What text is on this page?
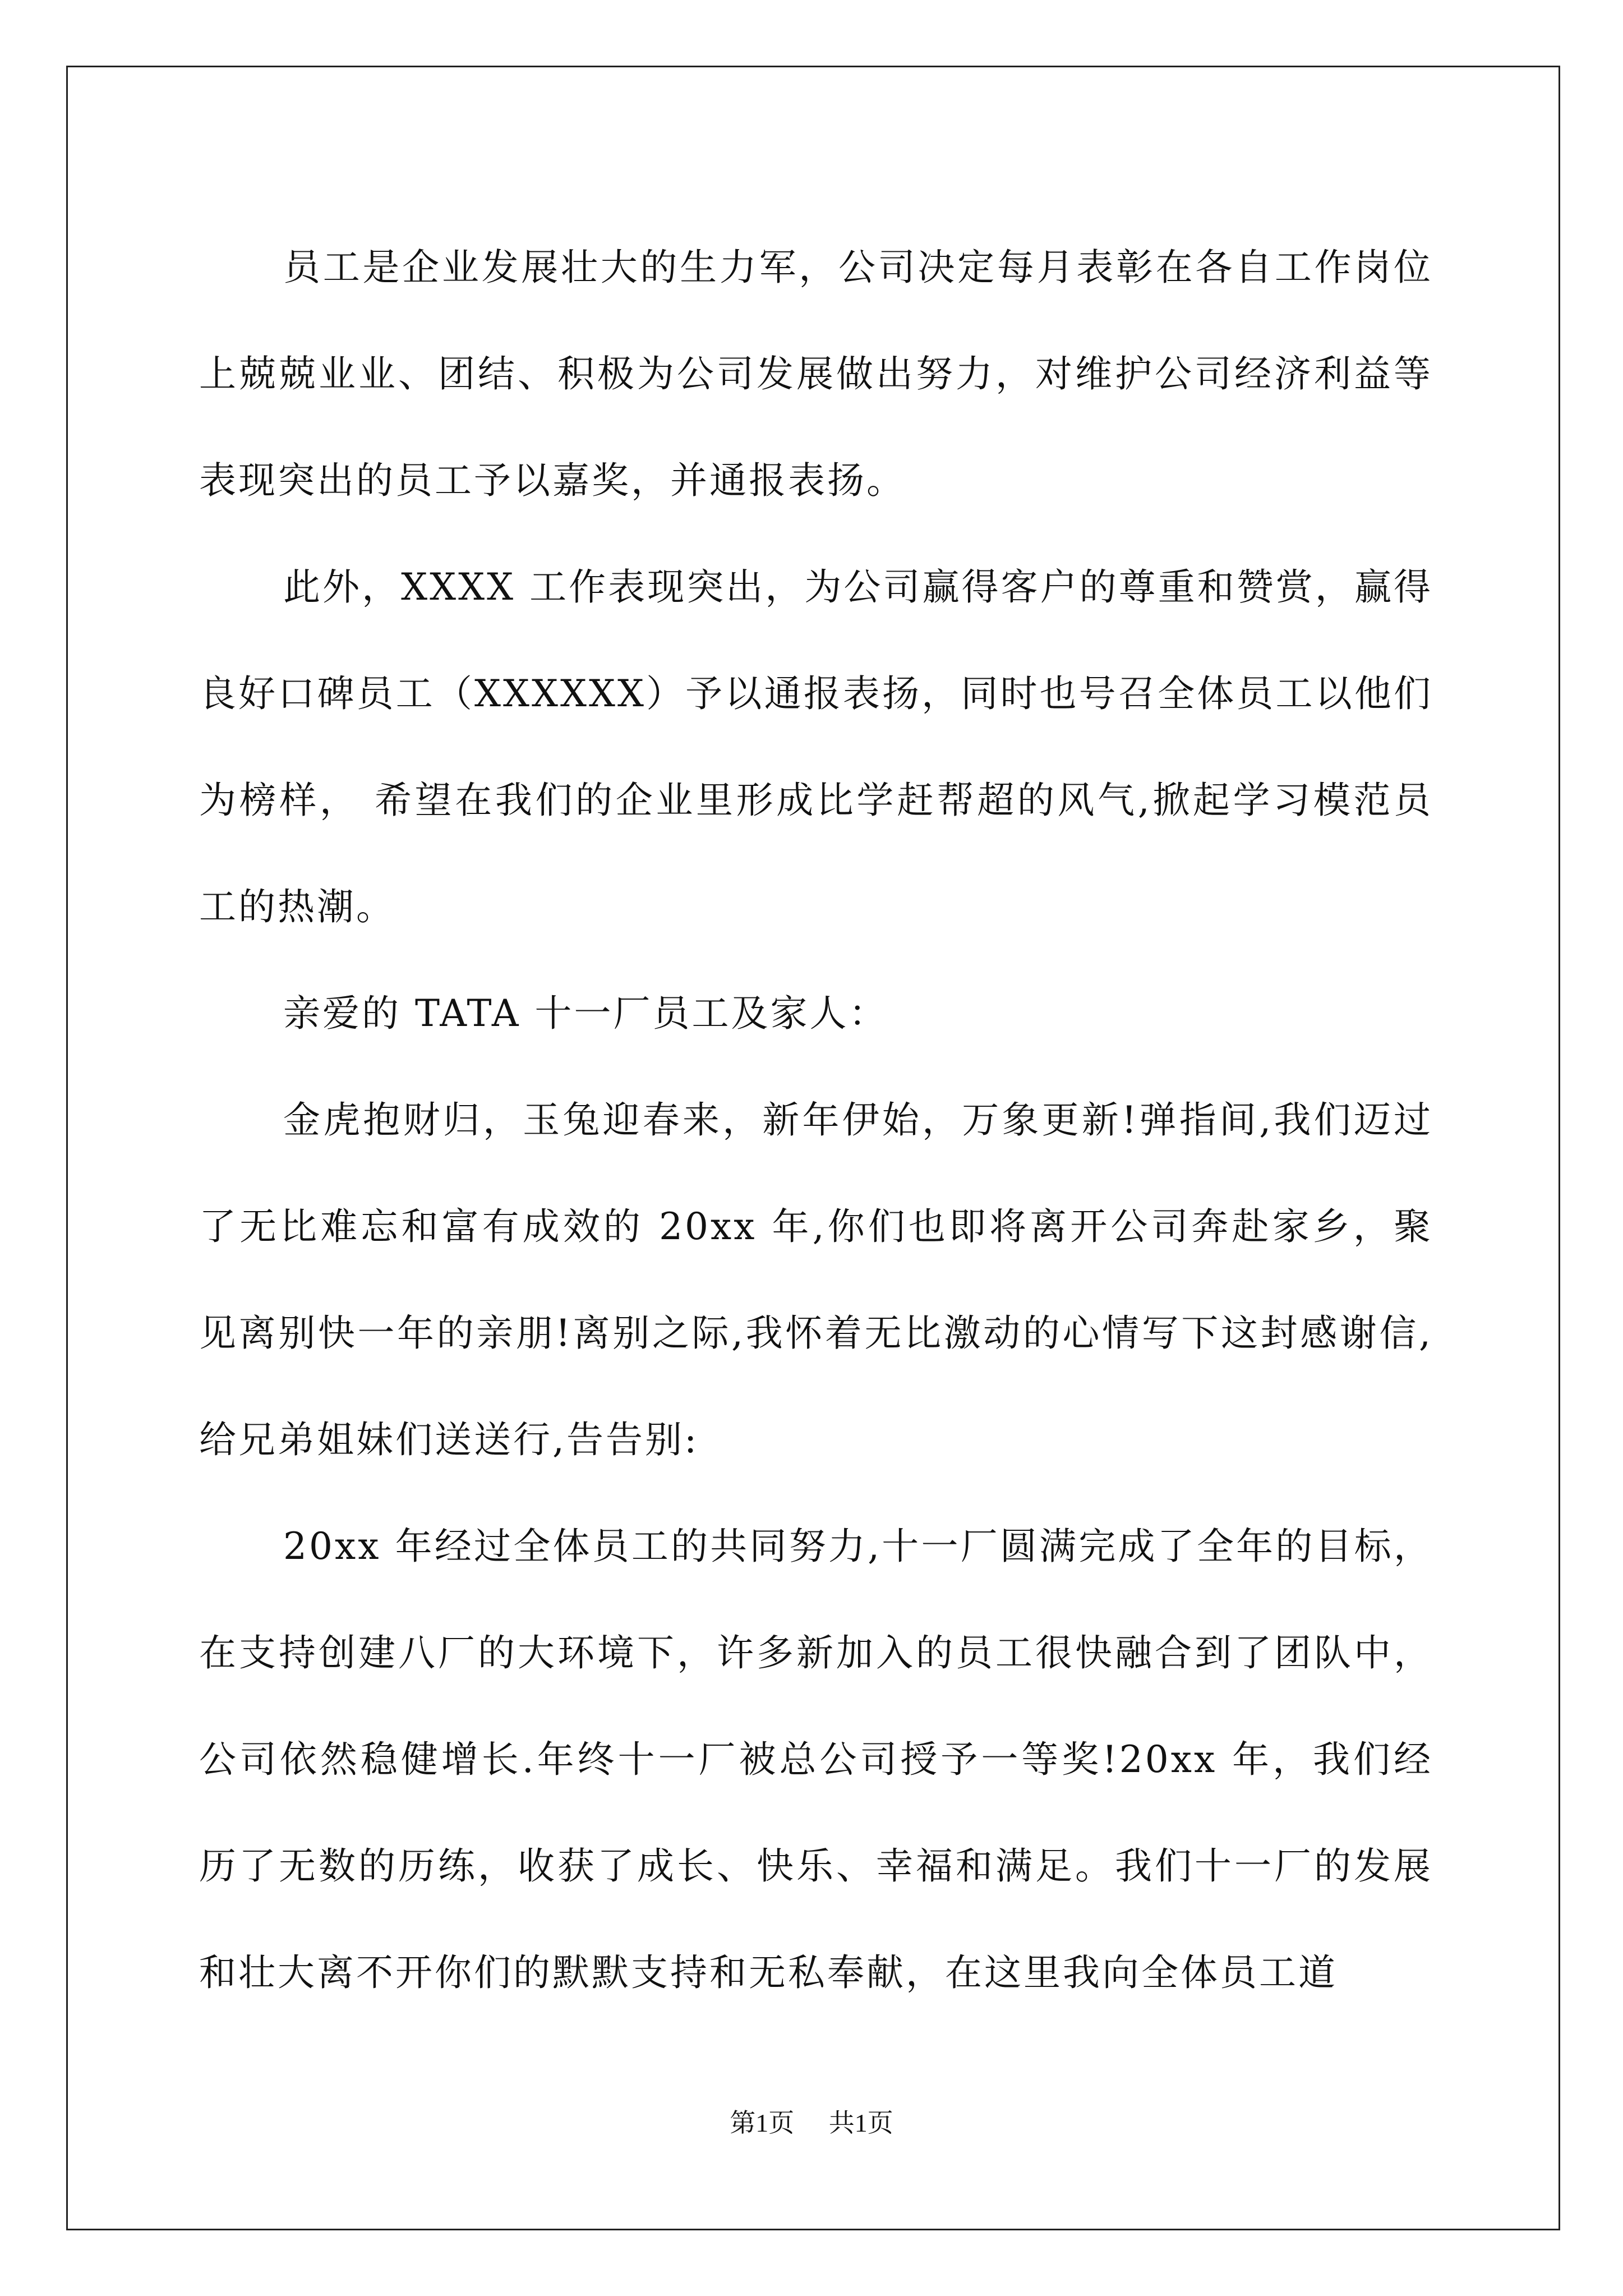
员工是企业发展壮大的生力军，公司决定每月表彰在各自工作岗位上兢兢业业、团结、积极为公司发展做出努力，对维护公司经济利益等表现突出的员工予以嘉奖，并通报表扬。

此外，XXXX 工作表现突出，为公司赢得客户的尊重和赞赏，赢得良好口碑员工（XXXXXX）予以通报表扬，同时也号召全体员工以他们为榜样， 希望在我们的企业里形成比学赶帮超的风气,掀起学习模范员工的热潮。

亲爱的 TATA 十一厂员工及家人：

金虎抱财归，玉兔迎春来，新年伊始，万象更新!弹指间,我们迈过了无比难忘和富有成效的 20xx 年,你们也即将离开公司奔赴家乡，聚见离别快一年的亲朋!离别之际,我怀着无比激动的心情写下这封感谢信,给兄弟姐妹们送送行,告告别:

20xx 年经过全体员工的共同努力,十一厂圆满完成了全年的目标，在支持创建八厂的大环境下，许多新加入的员工很快融合到了团队中，公司依然稳健增长.年终十一厂被总公司授予一等奖!20xx 年，我们经历了无数的历练，收获了成长、快乐、幸福和满足。我们十一厂的发展和壮大离不开你们的默默支持和无私奉献，在这里我向全体员工道

第1页 共1页
